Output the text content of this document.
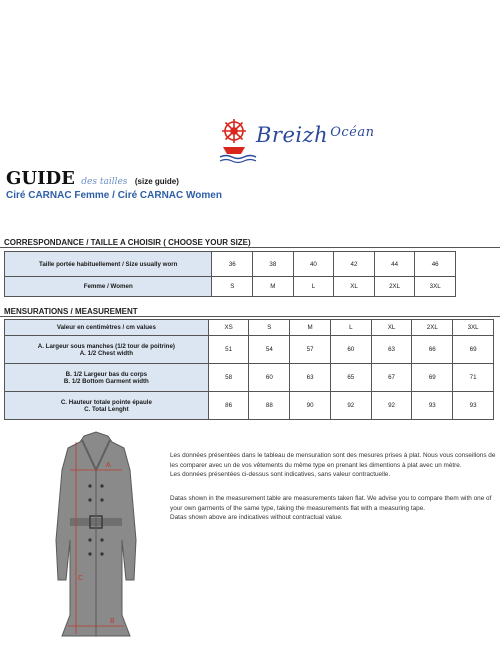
Breizh $^{Océan}$
GUIDE des tailles (size guide)
Ciré CARNAC Femme / Ciré CARNAC Women
CORRESPONDANCE / TAILLE A CHOISIR ( CHOOSE YOUR SIZE)
Taille portée habituellement / Size usually worn	36	38	40	42	44	46
Femme / Women	S	M	L	XL	2XL	3XL
MENSURATIONS / MEASUREMENT
Valeur en centimètres / cm values	XS	S	M	L	XL	2XL	3XL
A. Largeur sous manches (1/2 tour de poitrine)
A. 1/2 Chest width	51	54	57	60	63	66	69
B. 1/2 Largeur bas du corps
B. 1/2 Bottom Garment width	58	60	63	65	67	69	71
C. Hauteur totale pointe épaule
C. Total Lenght	86	88	90	92	92	93	93
A
B
C

Les données présentées dans le tableau de mensuration sont des mesures prises à plat. Nous vous conseillons de les comparer avec un de vos vêtements du même type en prenant les dimentions à plat avec un mètre.

Les données présentées ci-dessus sont indicatives, sans valeur contractuelle.

Datas shown in the measurement table are measurements taken flat. We advise you to compare them with one of your own garments of the same type, taking the measurements flat with a measuring tape.

Datas shown above are indicatives without contractual value.
